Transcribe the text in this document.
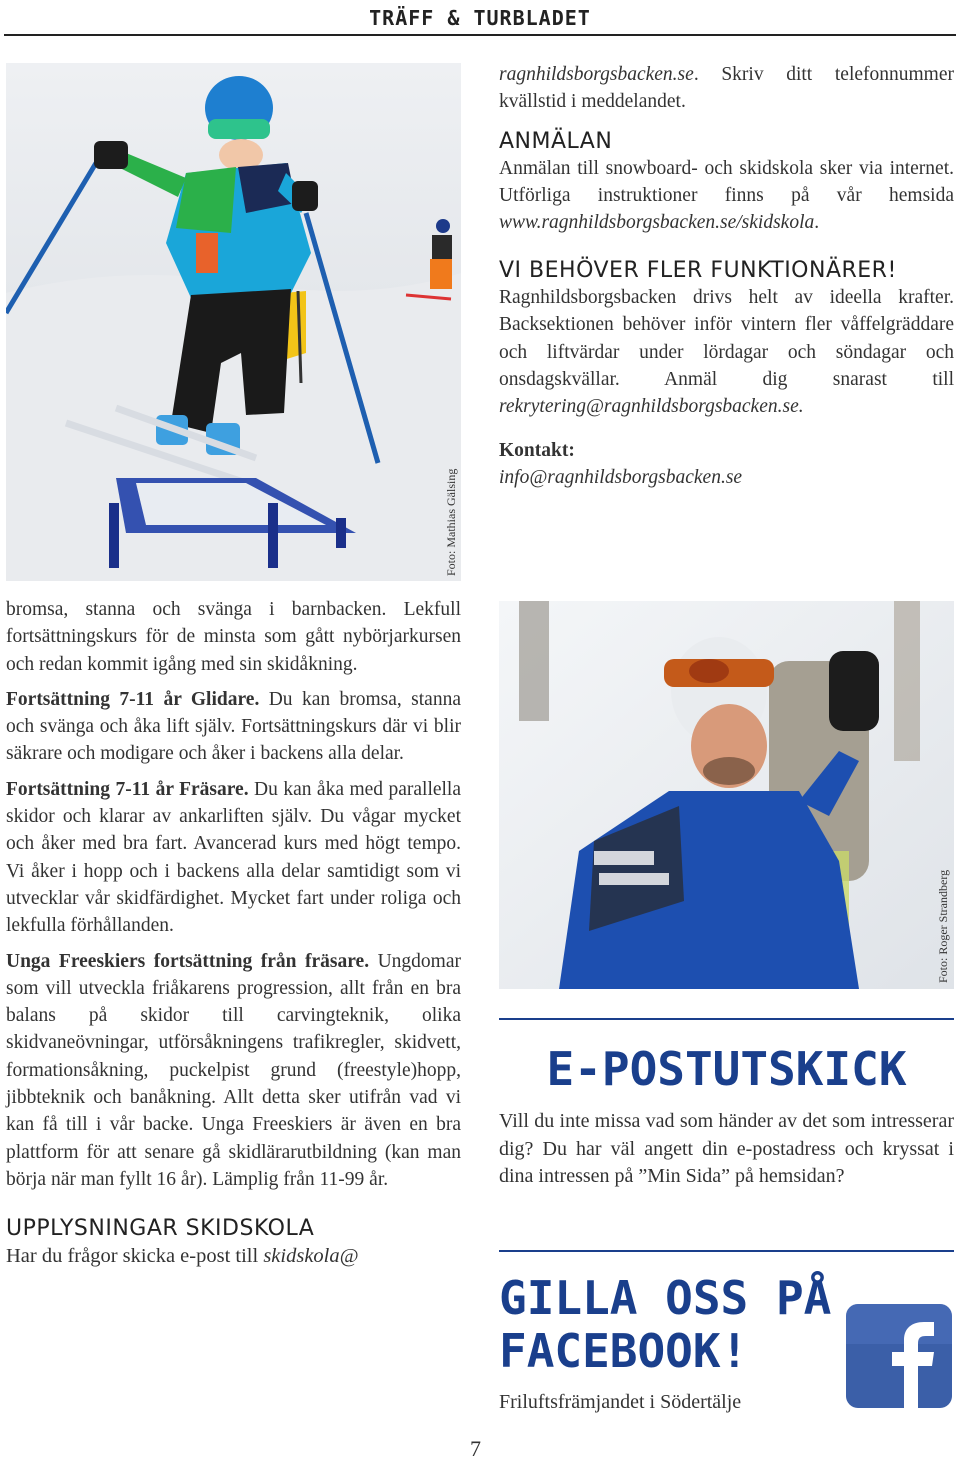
TRÄFF & TURBLADET
Foto: Mathias Gälsing

bromsa, stanna och svänga i barnbacken. Lekfull fortsättningskurs för de minsta som gått nybörjarkursen och redan kommit igång med sin skidåkning.

Fortsättning 7-11 år Glidare. Du kan bromsa, stanna och svänga och åka lift själv. Fortsättningskurs där vi blir säkrare och modigare och åker i backens alla delar.

Fortsättning 7-11 år Fräsare. Du kan åka med parallella skidor och klarar av ankarliften själv. Du vågar mycket och åker med bra fart. Avancerad kurs med högt tempo. Vi åker i hopp och i backens alla delar samtidigt som vi utvecklar vår skidfärdighet. Mycket fart under roliga och lekfulla förhållanden.

Unga Freeskiers fortsättning från fräsare. Ungdomar som vill utveckla friåkarens progression, allt från en bra balans på skidor till carvingteknik, olika skidvaneövningar, utförsåkningens trafikregler, skidvett, formationsåkning, puckelpist grund (freestyle)hopp, jibbteknik och banåkning. Allt detta sker utifrån vad vi kan få till i vår backe. Unga Freeskiers är även en bra plattform för att senare gå skidlärarutbildning (kan man börja när man fyllt 16 år). Lämplig från 11-99 år.

UPPLYSNINGAR SKIDSKOLA

Har du frågor skicka e-post till skidskola@

ragnhildsborgsbacken.se. Skriv ditt telefonnummer kvällstid i meddelandet.

ANMÄLAN

Anmälan till snowboard- och skidskola sker via internet. Utförliga instruktioner finns på vår hemsida www.ragnhildsborgsbacken.se/skidskola.

VI BEHÖVER FLER FUNKTIONÄRER!

Ragnhildsborgsbacken drivs helt av ideella krafter. Backsektionen behöver inför vintern fler våffelgräddare och liftvärdar under lördagar och söndagar och onsdagskvällar. Anmäl dig snarast till rekrytering@ragnhildsborgsbacken.se.

Kontakt:

info@ragnhildsborgsbacken.se

Foto: Roger Strandberg
E-POSTUTSKICK
Vill du inte missa vad som händer av det som intresserar dig? Du har väl angett din e-postadress och kryssat i dina intressen på ”Min Sida” på hemsidan?
GILLA OSS PÅ FACEBOOK!
Friluftsfrämjandet i Södertälje
7
